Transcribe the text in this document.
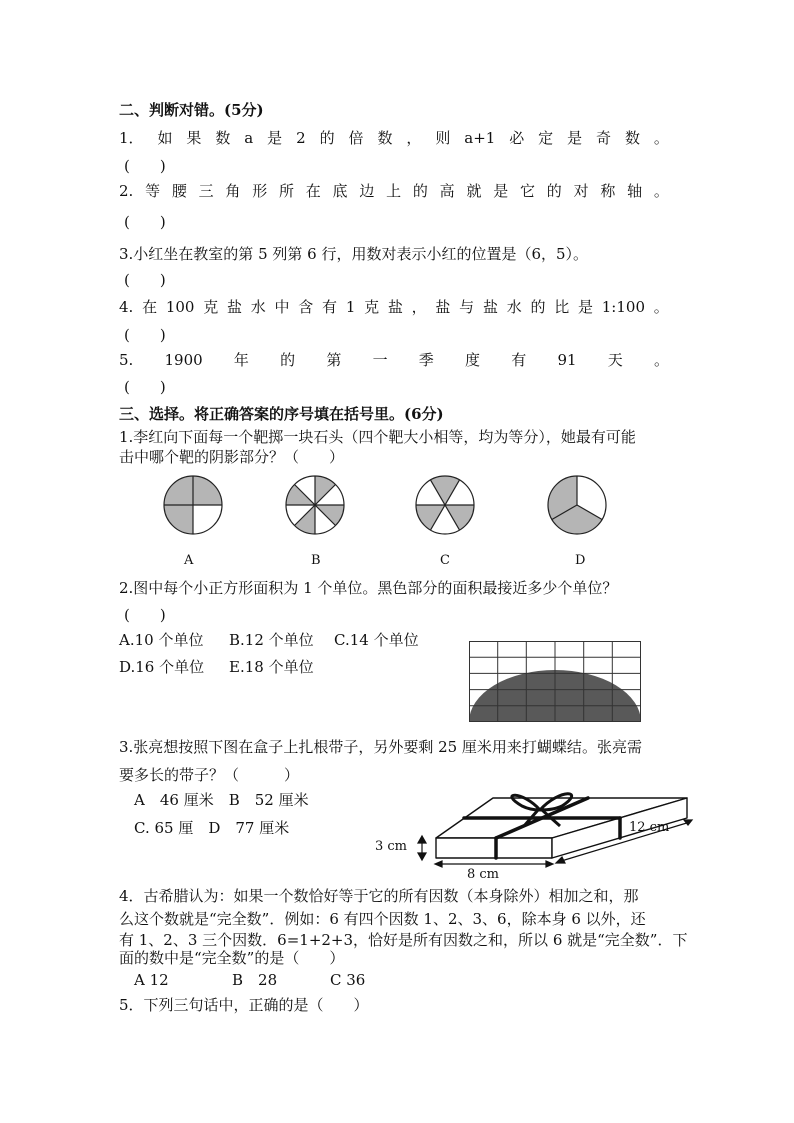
二、判断对错。(5分)
1． 如 果 数 a 是 2 的 倍 数 ， 则 a+1 必 定 是 奇 数 。
(　　)
2. 等 腰 三 角 形 所 在 底 边 上 的 高 就 是 它 的 对 称 轴 。
(　　)
3.小红坐在教室的第 5 列第 6 行，用数对表示小红的位置是（6，5）。
(　　)
4. 在 100 克 盐 水 中 含 有 1 克 盐 ， 盐 与 盐 水 的 比 是 1:100 。
(　　)
5. 1900 年 的 第 一 季 度 有 91 天 。
(　　)
三、选择。将正确答案的序号填在括号里。(6分)
1.李红向下面每一个靶掷一块石头（四个靶大小相等，均为等分），她最有可能
击中哪个靶的阴影部分？（　　）
A	B	C	D
2.图中每个小正方形面积为 1 个单位。黑色部分的面积最接近多少个单位？
(　　)
A.10 个单位 B.12 个单位 C.14 个单位
D.16 个单位 E.18 个单位
3.张亮想按照下图在盒子上扎根带子，另外要剩 25 厘米用来打蝴蝶结。张亮需
要多长的带子？（　　　）
A　46 厘米　B　52 厘米
C. 65 厘　D　77 厘米
3 cm
8 cm
12 cm
4．古希腊认为：如果一个数恰好等于它的所有因数（本身除外）相加之和，那
么这个数就是“完全数”．例如：6 有四个因数 1、2、3、6，除本身 6 以外，还
有 1、2、3 三个因数．6=1+2+3，恰好是所有因数之和，所以 6 就是“完全数”．下
面的数中是“完全数”的是（　　）
A 12	B　28	C 36
5．下列三句话中，正确的是（　　）
